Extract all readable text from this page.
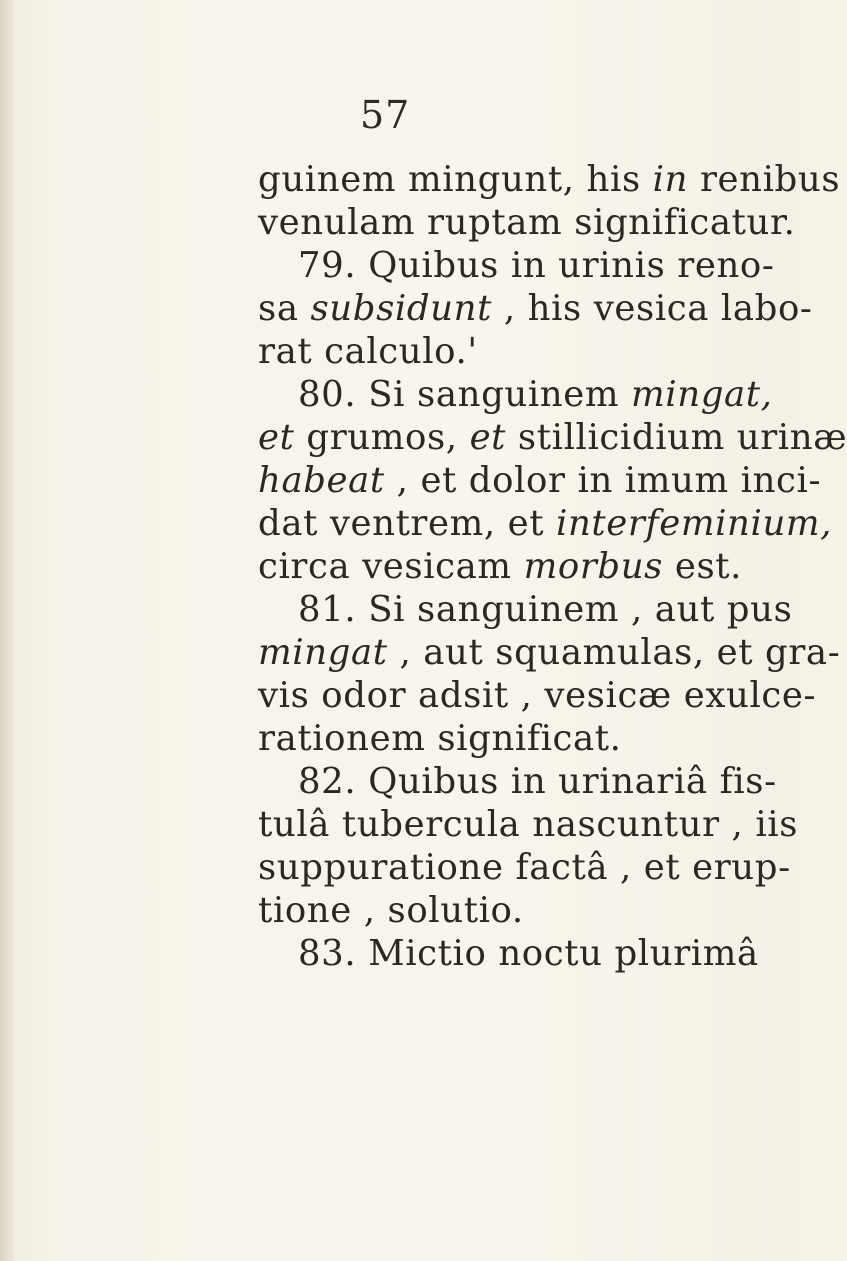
57
guinem mingunt, his in renibus
venulam ruptam significatur.
79. Quibus in urinis reno-
sa subsidunt , his vesica labo-
rat calculo.'
80. Si sanguinem mingat,
et grumos, et stillicidium urinæ
habeat , et dolor in imum inci-
dat ventrem, et interfeminium,
circa vesicam morbus est.
81. Si sanguinem , aut pus
mingat , aut squamulas, et gra-
vis odor adsit , vesicæ exulce-
rationem significat.
82. Quibus in urinariâ fis-
tulâ tubercula nascuntur , iis
suppuratione factâ , et erup-
tione , solutio.
83. Mictio noctu plurimâ
